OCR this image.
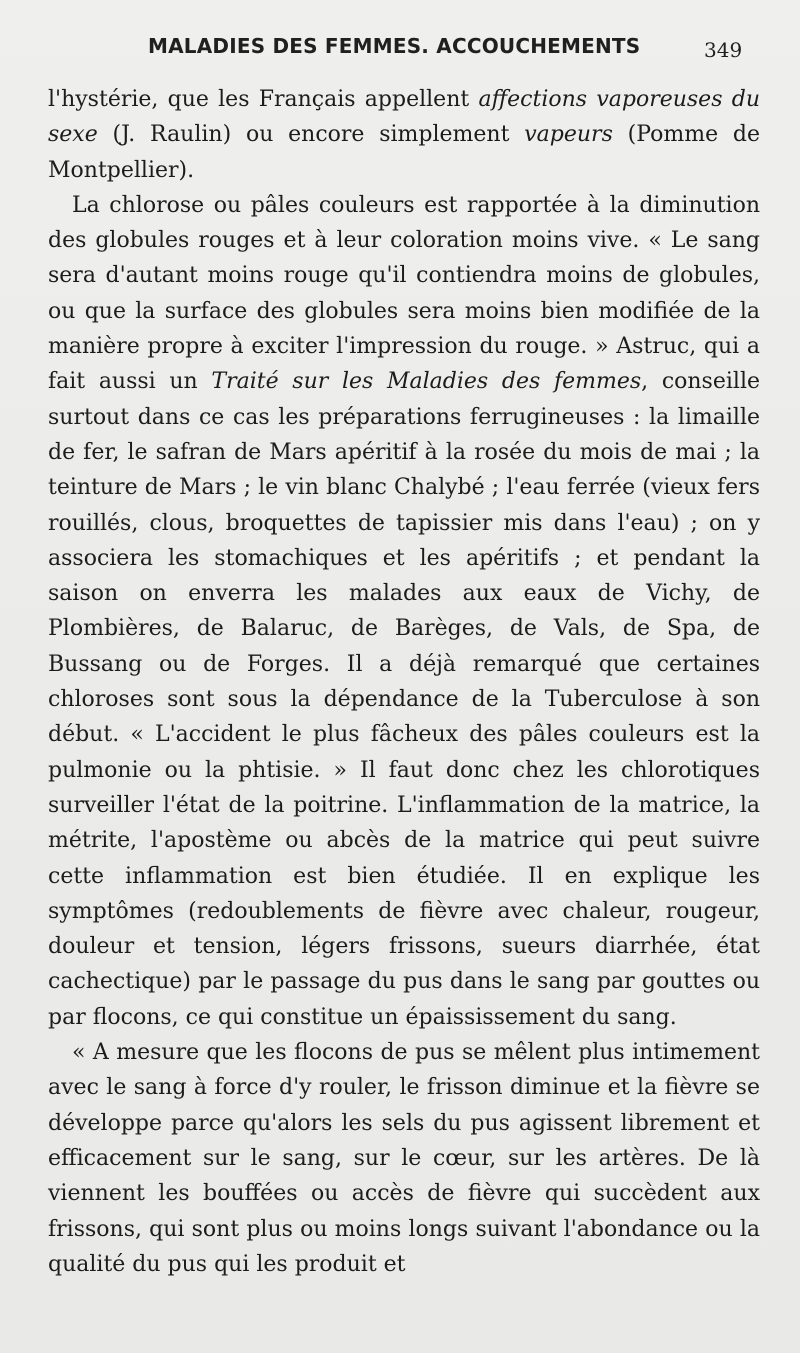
MALADIES DES FEMMES. ACCOUCHEMENTS	349

l'hystérie, que les Français appellent affections vaporeuses du sexe (J. Raulin) ou encore simplement vapeurs (Pomme de Montpellier).

La chlorose ou pâles couleurs est rapportée à la diminution des globules rouges et à leur coloration moins vive. « Le sang sera d'autant moins rouge qu'il contiendra moins de globules, ou que la surface des globules sera moins bien modifiée de la manière propre à exciter l'impression du rouge. » Astruc, qui a fait aussi un Traité sur les Maladies des femmes, conseille surtout dans ce cas les préparations ferrugineuses : la limaille de fer, le safran de Mars apéritif à la rosée du mois de mai ; la teinture de Mars ; le vin blanc Chalybé ; l'eau ferrée (vieux fers rouillés, clous, broquettes de tapissier mis dans l'eau) ; on y associera les stomachiques et les apéritifs ; et pendant la saison on enverra les malades aux eaux de Vichy, de Plombières, de Balaruc, de Barèges, de Vals, de Spa, de Bussang ou de Forges. Il a déjà remarqué que certaines chloroses sont sous la dépendance de la Tuberculose à son début. « L'accident le plus fâcheux des pâles couleurs est la pulmonie ou la phtisie. » Il faut donc chez les chlorotiques surveiller l'état de la poitrine. L'inflammation de la matrice, la métrite, l'apostème ou abcès de la matrice qui peut suivre cette inflammation est bien étudiée. Il en explique les symptômes (redoublements de fièvre avec chaleur, rougeur, douleur et tension, légers frissons, sueurs diarrhée, état cachectique) par le passage du pus dans le sang par gouttes ou par flocons, ce qui constitue un épaississement du sang.

« A mesure que les flocons de pus se mêlent plus intimement avec le sang à force d'y rouler, le frisson diminue et la fièvre se développe parce qu'alors les sels du pus agissent librement et efficacement sur le sang, sur le cœur, sur les artères. De là viennent les bouffées ou accès de fièvre qui succèdent aux frissons, qui sont plus ou moins longs suivant l'abondance ou la qualité du pus qui les produit et
